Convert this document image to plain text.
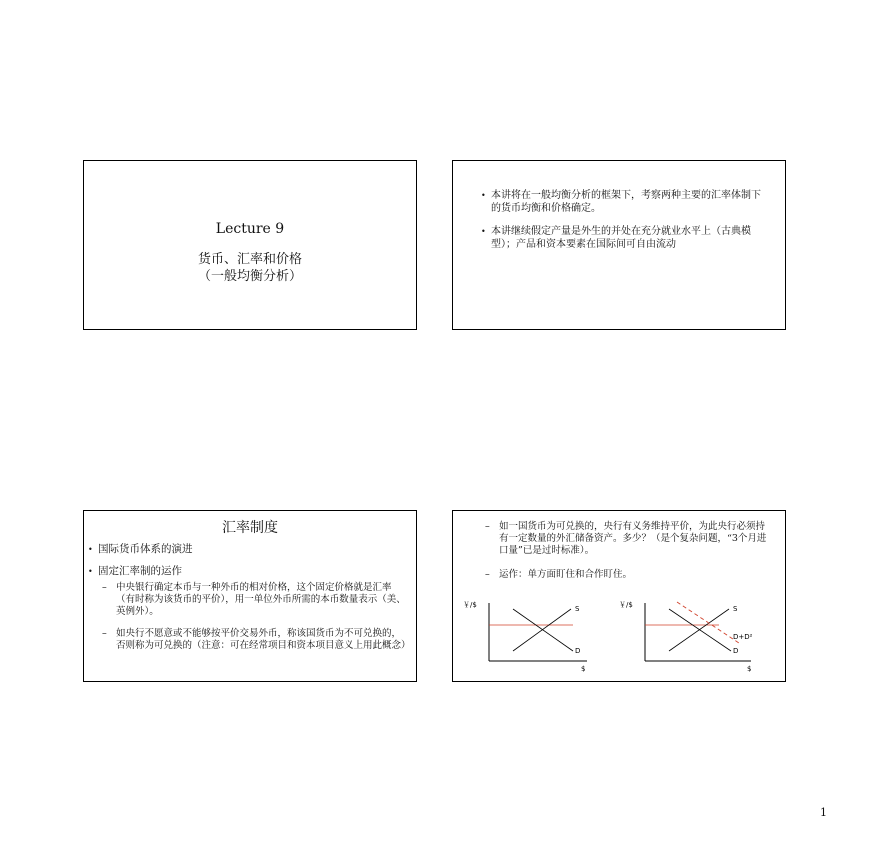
Lecture 9
货币、汇率和价格
（一般均衡分析）
• 本讲将在一般均衡分析的框架下，考察两种主要的汇率体制下的货币均衡和价格确定。
• 本讲继续假定产量是外生的并处在充分就业水平上（古典模型）；产品和资本要素在国际间可自由流动
汇率制度
• 国际货币体系的演进
• 固定汇率制的运作
– 中央银行确定本币与一种外币的相对价格，这个固定价格就是汇率（有时称为该货币的平价），用一单位外币所需的本币数量表示（美、英例外）。
– 如央行不愿意或不能够按平价交易外币，称该国货币为不可兑换的，否则称为可兑换的（注意：可在经常项目和资本项目意义上用此概念）
– 如一国货币为可兑换的，央行有义务维持平价，为此央行必须持有一定数量的外汇储备资产。多少？（是个复杂问题，“3个月进口量”已是过时标准）。
– 运作：单方面盯住和合作盯住。
￥/$
$
S
D
￥/$
$
S
D+D²
D
1
